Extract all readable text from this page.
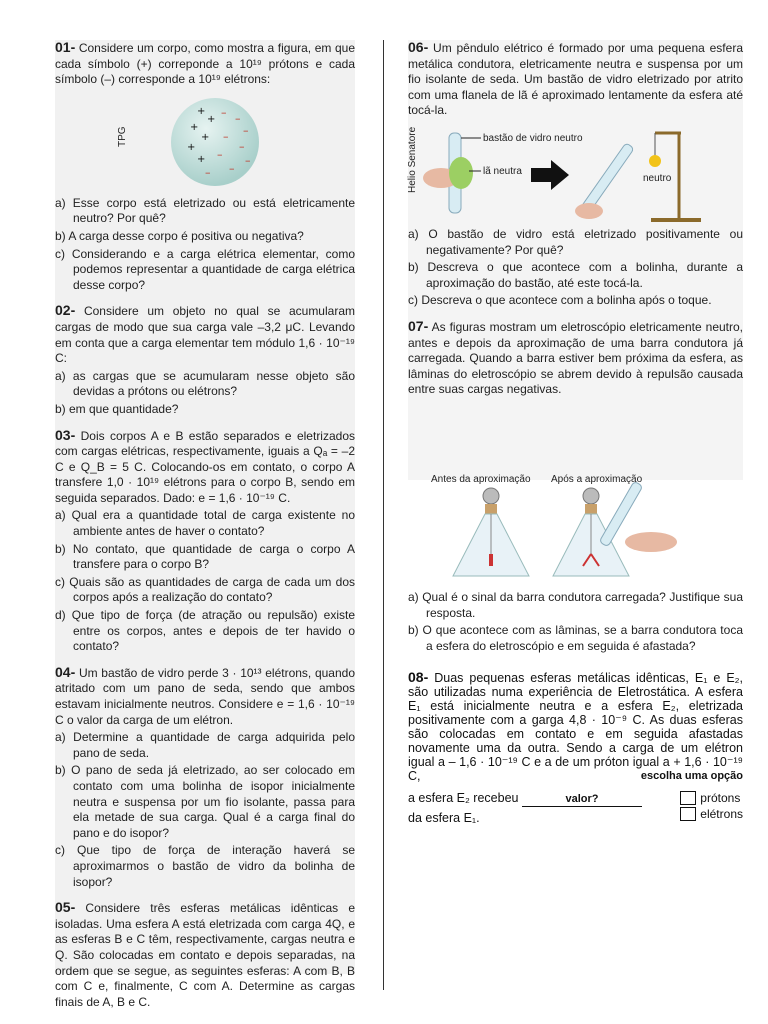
01- Considere um corpo, como mostra a figura, em que cada símbolo (+) correponde a 10¹⁹ prótons e cada símbolo (–) corresponde a 10¹⁹ elétrons:
TPG
+
+
+
+
+
+
– –
–
–
–
–
–
–
–
a) Esse corpo está eletrizado ou está eletricamente neutro? Por quê?
b) A carga desse corpo é positiva ou negativa?
c) Considerando e a carga elétrica elementar, como podemos representar a quantidade de carga elétrica desse corpo?
02- Considere um objeto no qual se acumularam cargas de modo que sua carga vale –3,2 μC. Levando em conta que a carga elementar tem módulo 1,6 · 10⁻¹⁹ C:
a) as cargas que se acumularam nesse objeto são devidas a prótons ou elétrons?
b) em que quantidade?
03- Dois corpos A e B estão separados e eletrizados com cargas elétricas, respectivamente, iguais a Qₐ = –2 C e Q_B = 5 C. Colocando-os em contato, o corpo A transfere 1,0 · 10¹⁹ elétrons para o corpo B, sendo em seguida separados. Dado: e = 1,6 · 10⁻¹⁹ C.
a) Qual era a quantidade total de carga existente no ambiente antes de haver o contato?
b) No contato, que quantidade de carga o corpo A transfere para o corpo B?
c) Quais são as quantidades de carga de cada um dos corpos após a realização do contato?
d) Que tipo de força (de atração ou repulsão) existe entre os corpos, antes e depois de ter havido o contato?
04- Um bastão de vidro perde 3 · 10¹³ elétrons, quando atritado com um pano de seda, sendo que ambos estavam inicialmente neutros. Considere e = 1,6 · 10⁻¹⁹ C o valor da carga de um elétron.
a) Determine a quantidade de carga adquirida pelo pano de seda.
b) O pano de seda já eletrizado, ao ser colocado em contato com uma bolinha de isopor inicialmente neutra e suspensa por um fio isolante, passa para ela metade de sua carga. Qual é a carga final do pano e do isopor?
c) Que tipo de força de interação haverá se aproximarmos o bastão de vidro da bolinha de isopor?
05- Considere três esferas metálicas idênticas e isoladas. Uma esfera A está eletrizada com carga 4Q, e as esferas B e C têm, respectivamente, cargas neutra e Q. São colocadas em contato e depois separadas, na ordem que se segue, as seguintes esferas: A com B, B com C e, finalmente, C com A. Determine as cargas finais de A, B e C.
06- Um pêndulo elétrico é formado por uma pequena esfera metálica condutora, eletricamente neutra e suspensa por um fio isolante de seda. Um bastão de vidro eletrizado por atrito com uma flanela de lã é aproximado lentamente da esfera até tocá-la.
Helio Senatore	bastão de vidro neutro
lã neutra
neutro
a) O bastão de vidro está eletrizado positivamente ou negativamente? Por quê?
b) Descreva o que acontece com a bolinha, durante a aproximação do bastão, até este tocá-la.
c) Descreva o que acontece com a bolinha após o toque.
07- As figuras mostram um eletroscópio eletricamente neutro, antes e depois da aproximação de uma barra condutora já carregada. Quando a barra estiver bem próxima da esfera, as lâminas do eletroscópio se abrem devido à repulsão causada entre suas cargas negativas.
Antes da aproximação Após a aproximação
a) Qual é o sinal da barra condutora carregada? Justifique sua resposta.
b) O que acontece com as lâminas, se a barra condutora toca a esfera do eletroscópio e em seguida é afastada?
08- Duas pequenas esferas metálicas idênticas, E₁ e E₂, são utilizadas numa experiência de Eletrostática. A esfera E₁ está inicialmente neutra e a esfera E₂, eletrizada positivamente com a garga 4,8 · 10⁻⁹ C. As duas esferas são colocadas em contato e em seguida afastadas novamente uma da outra. Sendo a carga de um elétron igual a – 1,6 · 10⁻¹⁹ C e a de um próton igual a + 1,6 · 10⁻¹⁹ C,	escolha uma opção
a esfera E₂ recebeu	valor?
da esfera E₁.
prótons
elétrons
